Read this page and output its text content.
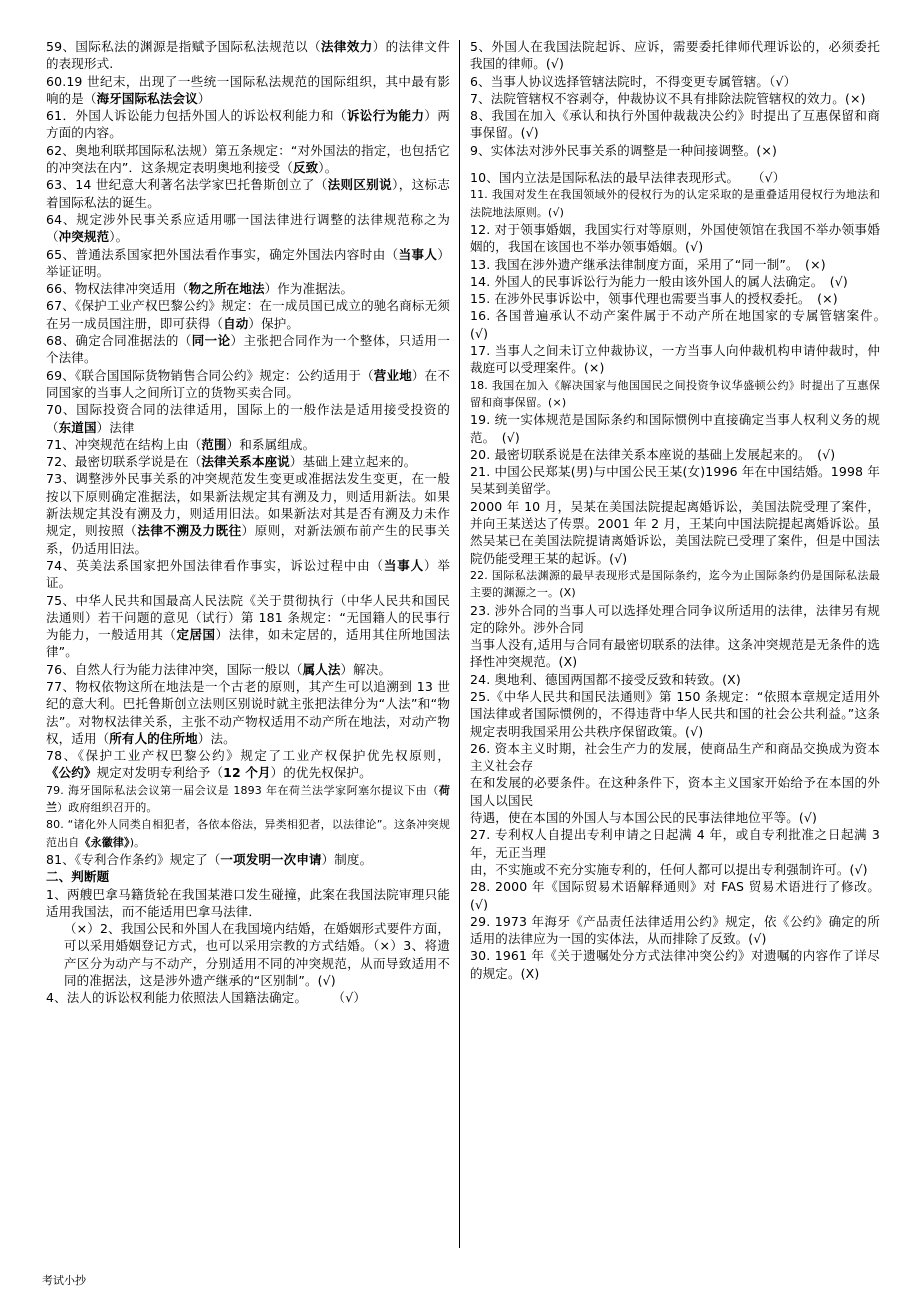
59、国际私法的渊源是指赋予国际私法规范以（法律效力）的法律文件的表现形式.

60.19 世纪末，出现了一些统一国际私法规范的国际组织，其中最有影响的是（海牙国际私法会议）

61．外国人诉讼能力包括外国人的诉讼权利能力和（诉讼行为能力）两方面的内容。

62、奥地利联邦国际私法规）第五条规定：“对外国法的指定，也包括它的冲突法在内”．这条规定表明奥地利接受（反致）。

63、14 世纪意大利著名法学家巴托鲁斯创立了（法则区别说），这标志着国际私法的诞生。

64、规定涉外民事关系应适用哪一国法律进行调整的法律规范称之为（冲突规范）。

65、普通法系国家把外国法看作事实，确定外国法内容时由（当事人）举证证明。

66、物权法律冲突适用（物之所在地法）作为准据法。

67、《保护工业产权巴黎公约》规定：在一成员国已成立的驰名商标无须在另一成员国注册，即可获得（自动）保护。

68、确定合同准据法的（同一论）主张把合同作为一个整体，只适用一个法律。

69、《联合国国际货物销售合同公约》规定：公约适用于（营业地）在不同国家的当事人之间所订立的货物买卖合同。

70、国际投资合同的法律适用，国际上的一般作法是适用接受投资的（东道国）法律

71、冲突规范在结构上由（范围）和系属组成。

72、最密切联系学说是在（法律关系本座说）基础上建立起来的。

73、调整涉外民事关系的冲突规范发生变更或准据法发生变更，在一般按以下原则确定准据法，如果新法规定其有溯及力，则适用新法。如果新法规定其没有溯及力，则适用旧法。如果新法对其是否有溯及力未作规定，则按照（法律不溯及力既往）原则，对新法颁布前产生的民事关系，仍适用旧法。

74、英美法系国家把外国法律看作事实，诉讼过程中由（当事人）举证。

75、中华人民共和国最高人民法院《关于贯彻执行（中华人民共和国民法通则）若干问题的意见（试行）第 181 条规定：“无国籍人的民事行为能力，一般适用其（定居国）法律，如未定居的，适用其住所地国法律”。

76、自然人行为能力法律冲突，国际一般以（属人法）解决。

77、物权依物这所在地法是一个古老的原则，其产生可以追溯到 13 世纪的意大利。巴托鲁斯创立法则区别说时就主张把法律分为“人法”和“物法”。对物权法律关系，主张不动产物权适用不动产所在地法，对动产物权，适用（所有人的住所地）法。

78、《保护工业产权巴黎公约》规定了工业产权保护优先权原则，《公约》规定对发明专利给予（12 个月）的优先权保护。

79. 海牙国际私法会议第一届会议是 1893 年在荷兰法学家阿塞尔提议下由（荷兰）政府组织召开的。

80. “诸化外人同类自相犯者，各依本俗法，异类相犯者，以法律论”。这条冲突规范出自《永徽律》)。

81、《专利合作条约》规定了（一项发明一次申请）制度。

二、判断题

1、两艘巴拿马籍货轮在我国某港口发生碰撞，此案在我国法院审理只能适用我国法，而不能适用巴拿马法律．

（×）2、我国公民和外国人在我国境内结婚，在婚姻形式要件方面，可以采用婚姻登记方式，也可以采用宗教的方式结婚。（×）3、将遗产区分为动产与不动产，分别适用不同的冲突规范，从而导致适用不同的准据法，这是涉外遗产继承的“区别制”。(√)

4、法人的诉讼权利能力依照法人国籍法确定。　　　（√）

5、外国人在我国法院起诉、应诉，需要委托律师代理诉讼的，必须委托我国的律师。(√)

6、当事人协议选择管辖法院时，不得变更专属管辖。（√）

7、法院管辖权不容剥夺，仲裁协议不具有排除法院管辖权的效力。(×)

8、我国在加入《承认和执行外国仲裁裁决公约》时提出了互惠保留和商事保留。(√)

9、实体法对涉外民事关系的调整是一种间接调整。(×)

10、国内立法是国际私法的最早法律表现形式。　　（√）

11. 我国对发生在我国领域外的侵权行为的认定采取的是重叠适用侵权行为地法和法院地法原则。(√)

12. 对于领事婚姻，我国实行对等原则，外国使领馆在我国不举办领事婚姻的，我国在该国也不举办领事婚姻。(√)

13. 我国在涉外遗产继承法律制度方面，采用了“同一制”。　(×)

14. 外国人的民事诉讼行为能力一般由该外国人的属人法确定。　(√)

15. 在涉外民事诉讼中，领事代理也需要当事人的授权委托。　(×)

16. 各国普遍承认不动产案件属于不动产所在地国家的专属管辖案件。　(√)

17. 当事人之间未订立仲裁协议，一方当事人向仲裁机构申请仲裁时，仲裁庭可以受理案件。(×)

18. 我国在加入《解决国家与他国国民之间投资争议华盛顿公约》时提出了互惠保留和商事保留。(×)

19. 统一实体规范是国际条约和国际惯例中直接确定当事人权利义务的规范。　(√)

20. 最密切联系说是在法律关系本座说的基础上发展起来的。　(√)

21. 中国公民郑某(男)与中国公民王某(女)1996 年在中国结婚。1998 年吴某到美留学。

2000 年 10 月，吴某在美国法院提起离婚诉讼，美国法院受理了案件，并向王某送达了传票。2001 年 2 月，王某向中国法院提起离婚诉讼。虽然吴某已在美国法院提请离婚诉讼，美国法院已受理了案件，但是中国法院仍能受理王某的起诉。(√)

22. 国际私法渊源的最早表现形式是国际条约，迄今为止国际条约仍是国际私法最主要的渊源之一。(X)

23. 涉外合同的当事人可以选择处理合同争议所适用的法律，法律另有规定的除外。涉外合同

当事人没有,适用与合同有最密切联系的法律。这条冲突规范是无条件的选择性冲突规范。(X)

24. 奥地利、德国两国都不接受反致和转致。(X)

25.《中华人民共和国民法通则》第 150 条规定：“依照本章规定适用外国法律或者国际惯例的，不得违背中华人民共和国的社会公共利益。”这条规定表明我国采用公共秩序保留政策。(√)

26. 资本主义时期，社会生产力的发展，使商品生产和商品交换成为资本主义社会存

在和发展的必要条件。在这种条件下，资本主义国家开始给予在本国的外国人以国民

待遇，使在本国的外国人与本国公民的民事法律地位平等。(√)

27. 专利权人自提出专利申请之日起满 4 年，或自专利批准之日起满 3 年，无正当理

由，不实施或不充分实施专利的，任何人都可以提出专利强制许可。(√)

28. 2000 年《国际贸易术语解释通则》对 FAS 贸易术语进行了修改。(√)

29. 1973 年海牙《产品责任法律适用公约》规定，依《公约》确定的所适用的法律应为一国的实体法，从而排除了反致。(√)

30. 1961 年《关于遗嘱处分方式法律冲突公约》对遗嘱的内容作了详尽的规定。(X)

考试小抄
